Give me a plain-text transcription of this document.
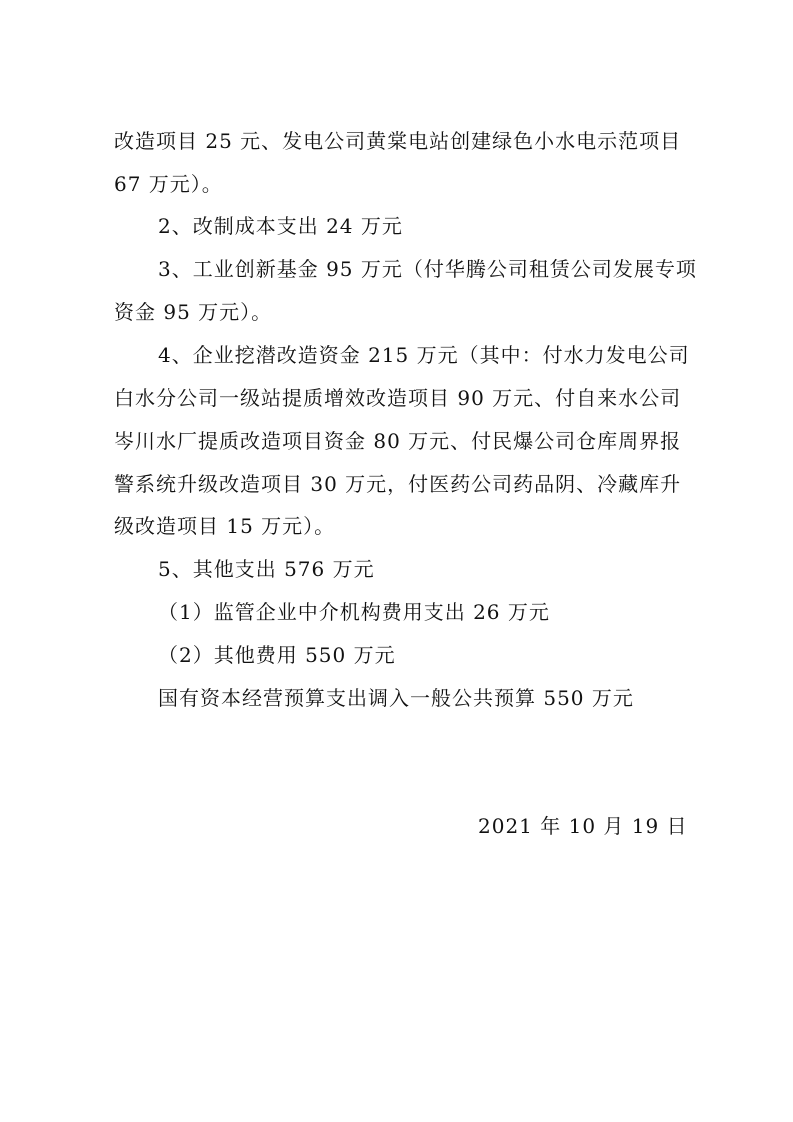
改造项目 25 元、发电公司黄棠电站创建绿色小水电示范项目
67 万元）。
2、改制成本支出 24 万元
3、工业创新基金 95 万元（付华腾公司租赁公司发展专项
资金 95 万元）。
4、企业挖潜改造资金 215 万元（其中：付水力发电公司
白水分公司一级站提质增效改造项目 90 万元、付自来水公司
岑川水厂提质改造项目资金 80 万元、付民爆公司仓库周界报
警系统升级改造项目 30 万元，付医药公司药品阴、冷藏库升
级改造项目 15 万元）。
5、其他支出 576 万元
（1）监管企业中介机构费用支出 26 万元
（2）其他费用 550 万元
国有资本经营预算支出调入一般公共预算 550 万元
2021 年 10 月 19 日
